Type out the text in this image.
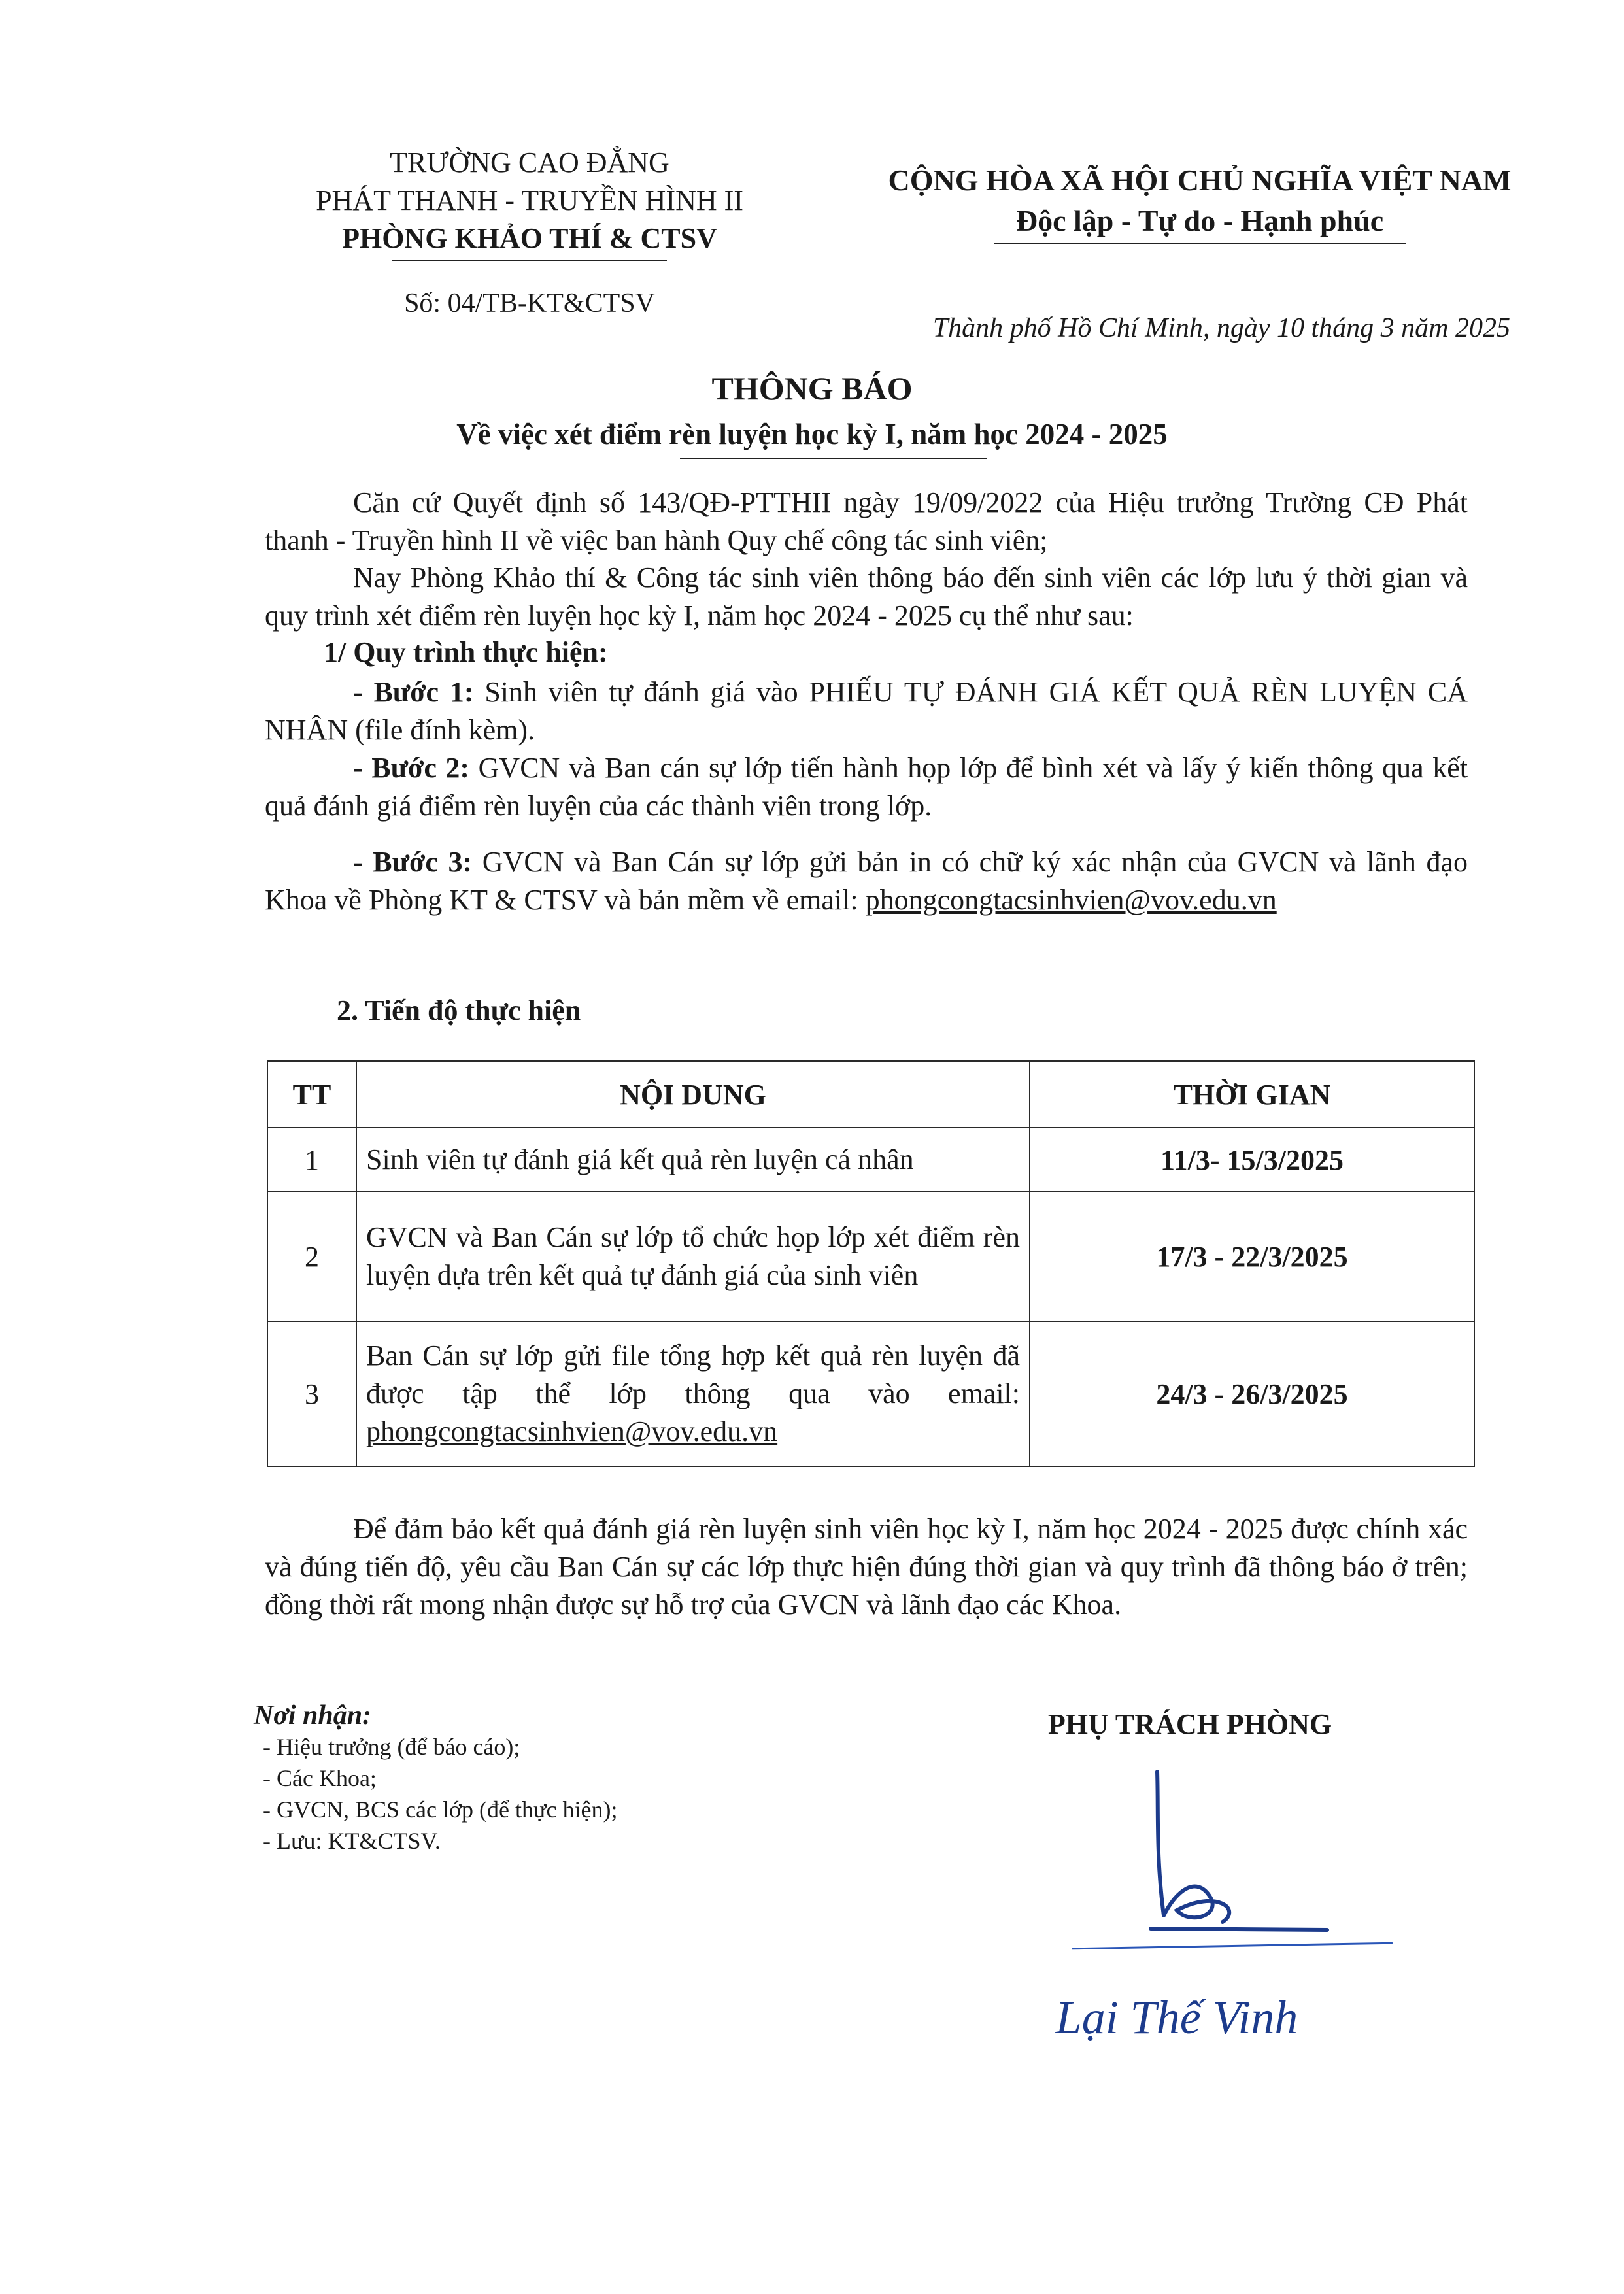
TRƯỜNG CAO ĐẲNG
PHÁT THANH - TRUYỀN HÌNH II
PHÒNG KHẢO THÍ & CTSV
Số: 04/TB-KT&CTSV
CỘNG HÒA XÃ HỘI CHỦ NGHĨA VIỆT NAM
Độc lập - Tự do - Hạnh phúc
Thành phố Hồ Chí Minh, ngày 10 tháng 3 năm 2025
THÔNG BÁO
Về việc xét điểm rèn luyện học kỳ I, năm học 2024 - 2025
Căn cứ Quyết định số 143/QĐ-PTTHII ngày 19/09/2022 của Hiệu trưởng Trường CĐ Phát thanh - Truyền hình II về việc ban hành Quy chế công tác sinh viên;
Nay Phòng Khảo thí & Công tác sinh viên thông báo đến sinh viên các lớp lưu ý thời gian và quy trình xét điểm rèn luyện học kỳ I, năm học 2024 - 2025 cụ thể như sau:
1/ Quy trình thực hiện:
- Bước 1: Sinh viên tự đánh giá vào PHIẾU TỰ ĐÁNH GIÁ KẾT QUẢ RÈN LUYỆN CÁ NHÂN (file đính kèm).
- Bước 2: GVCN và Ban cán sự lớp tiến hành họp lớp để bình xét và lấy ý kiến thông qua kết quả đánh giá điểm rèn luyện của các thành viên trong lớp.
- Bước 3: GVCN và Ban Cán sự lớp gửi bản in có chữ ký xác nhận của GVCN và lãnh đạo Khoa về Phòng KT & CTSV và bản mềm về email: phongcongtacsinhvien@vov.edu.vn
2. Tiến độ thực hiện
TT	NỘI DUNG	THỜI GIAN
1	Sinh viên tự đánh giá kết quả rèn luyện cá nhân	11/3- 15/3/2025
2	GVCN và Ban Cán sự lớp tổ chức họp lớp xét điểm rèn luyện dựa trên kết quả tự đánh giá của sinh viên	17/3 - 22/3/2025
3	Ban Cán sự lớp gửi file tổng hợp kết quả rèn luyện đã được tập thể lớp thông qua vào email: phongcongtacsinhvien@vov.edu.vn	24/3 - 26/3/2025
Để đảm bảo kết quả đánh giá rèn luyện sinh viên học kỳ I, năm học 2024 - 2025 được chính xác và đúng tiến độ, yêu cầu Ban Cán sự các lớp thực hiện đúng thời gian và quy trình đã thông báo ở trên; đồng thời rất mong nhận được sự hỗ trợ của GVCN và lãnh đạo các Khoa.
Nơi nhận:
- Hiệu trưởng (để báo cáo);
- Các Khoa;
- GVCN, BCS các lớp (để thực hiện);
- Lưu: KT&CTSV.
PHỤ TRÁCH PHÒNG
Lại Thế Vinh
